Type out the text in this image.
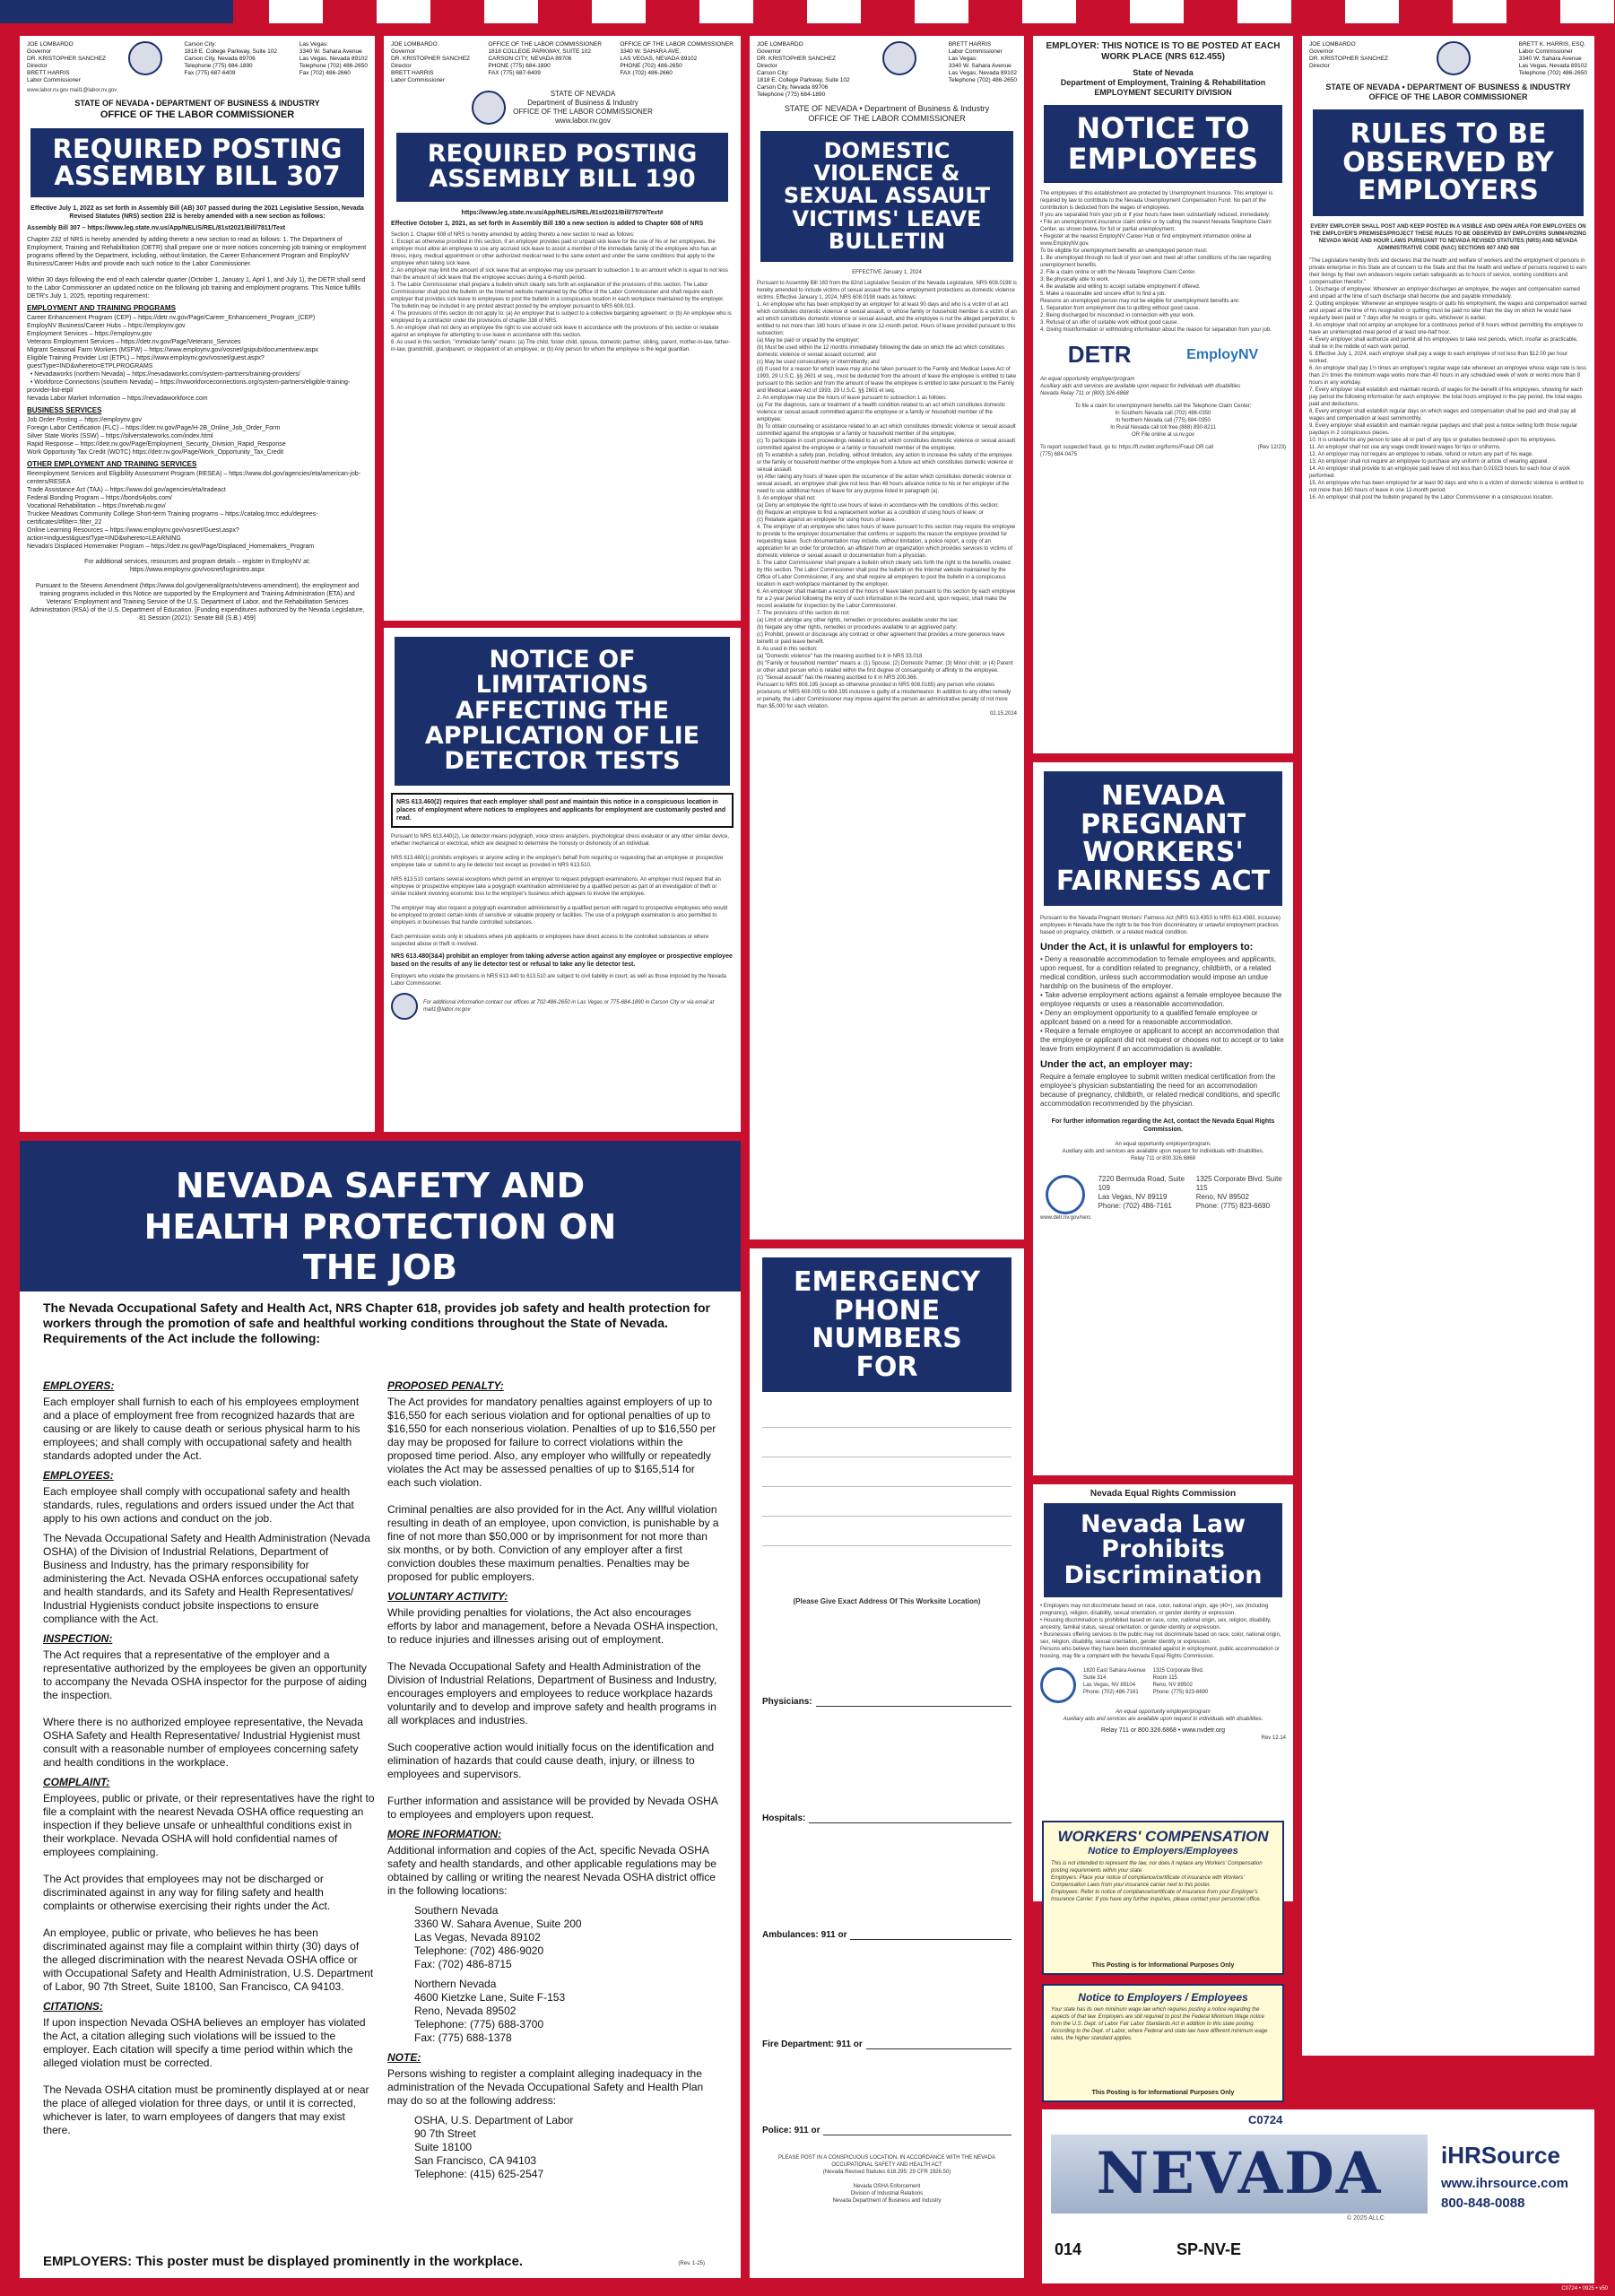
JOE LOMBARDO
Governor
DR. KRISTOPHER SANCHEZ
Director
BRETT HARRIS
Labor Commissioner
Carson City:
1818 E. College Parkway, Suite 102
Carson City, Nevada 89706
Telephone (775) 684-1890
Fax (775) 687-6409
Las Vegas:
3340 W. Sahara Avenue
Las Vegas, Nevada 89102
Telephone (702) 486-2650
Fax (702) 486-2660
www.labor.nv.gov mail1@labor.nv.gov
STATE OF NEVADA • DEPARTMENT OF BUSINESS & INDUSTRY
OFFICE OF THE LABOR COMMISSIONER
REQUIRED POSTING ASSEMBLY BILL 307
Effective July 1, 2022 as set forth in Assembly Bill (AB) 307 passed during the 2021 Legislative Session, Nevada Revised Statutes (NRS) section 232 is hereby amended with a new section as follows:
Assembly Bill 307 – https://www.leg.state.nv.us/App/NELIS/REL/81st2021/Bill/7811/Text
Chapter 232 of NRS is hereby amended by adding thereto a new section to read as follows: 1. The Department of Employment, Training and Rehabilitation (DETR) shall prepare one or more notices concerning job training or employment programs offered by the Department, including, without limitation, the Career Enhancement Program and EmployNV Business/Career Hubs and provide each such notice to the Labor Commissioner.

Within 30 days following the end of each calendar quarter (October 1, January 1, April 1, and July 1), the DETR shall send to the Labor Commissioner an updated notice on the following job training and employment programs. This Notice fulfills DETR's July 1, 2025, reporting requirement:
EMPLOYMENT AND TRAINING PROGRAMS
Career Enhancement Program (CEP) – https://detr.nv.gov/Page/Career_Enhancement_Program_(CEP)
EmployNV Business/Career Hubs – https://employnv.gov
Employment Services – https://employnv.gov
Veterans Employment Services – https://detr.nv.gov/Page/Veterans_Services
Migrant Seasonal Farm Workers (MSFW) – https://www.employnv.gov/vosnet/gsipub/documentview.aspx
Eligible Training Provider List (ETPL) – https://www.employnv.gov/vosnet/guest.aspx?guestType=IND&whereto=ETPLPROGRAMS
• Nevadaworks (northern Nevada) – https://nevadaworks.com/system-partners/training-providers/
• Workforce Connections (southern Nevada) – https://nvworkforceconnections.org/system-partners/eligible-training-provider-list-etpl/
Nevada Labor Market Information – https://nevadaworkforce.com
BUSINESS SERVICES
Job Order Posting – https://employnv.gov
Foreign Labor Certification (FLC) – https://detr.nv.gov/Page/H-2B_Online_Job_Order_Form
Silver State Works (SSW) – https://silverstateworks.com/index.html
Rapid Response – https://detr.nv.gov/Page/Employment_Security_Division_Rapid_Response
Work Opportunity Tax Credit (WOTC) https://detr.nv.gov/Page/Work_Opportunity_Tax_Credit
OTHER EMPLOYMENT AND TRAINING SERVICES
Reemployment Services and Eligibility Assessment Program (RESEA) – https://www.dol.gov/agencies/eta/american-job-centers/RESEA
Trade Assistance Act (TAA) – https://www.dol.gov/agencies/eta/tradeact
Federal Bonding Program – https://bonds4jobs.com/
Vocational Rehabilitation – https://nvrehab.nv.gov/
Truckee Meadows Community College Short-term Training programs – https://catalog.tmcc.edu/degrees-certificates/#filter=.filter_22
Online Learning Resources – https://www.employnv.gov/vosnet/Guest.aspx?action=indguest&guestType=IND&whereto=LEARNING
Nevada's Displaced Homemaker Program – https://detr.nv.gov/Page/Displaced_Homemakers_Program
For additional services, resources and program details – register in EmployNV at: https://www.employnv.gov/vosnet/loginintro.aspx

Pursuant to the Stevens Amendment (https://www.dol.gov/general/grants/stevens-amendment), the employment and training programs included in this Notice are supported by the Employment and Training Administration (ETA) and Veterans' Employment and Training Service of the U.S. Department of Labor, and the Rehabilitation Services Administration (RSA) of the U.S. Department of Education. [Funding expenditures authorized by the Nevada Legislature, 81 Session (2021): Senate Bill (S.B.) 459]
JOE LOMBARDO
Governor
DR. KRISTOPHER SANCHEZ
Director
BRETT HARRIS
Labor Commissioner
OFFICE OF THE LABOR COMMISSIONER
1818 COLLEGE PARKWAY, SUITE 102
CARSON CITY, NEVADA 89706
PHONE (775) 684-1890
FAX (775) 687-6409
OFFICE OF THE LABOR COMMISSIONER
3340 W. SAHARA AVE.
LAS VEGAS, NEVADA 89102
PHONE (702) 486-2650
FAX (702) 486-2660
STATE OF NEVADA
Department of Business & Industry
OFFICE OF THE LABOR COMMISSIONER
www.labor.nv.gov
REQUIRED POSTING ASSEMBLY BILL 190
https://www.leg.state.nv.us/App/NELIS/REL/81st2021/Bill/7579/Text#
Effective October 1, 2021, as set forth in Assembly Bill 190 a new section is added to Chapter 608 of NRS
Section 1. Chapter 608 of NRS is hereby amended by adding thereto a new section to read as follows:
1. Except as otherwise provided in this section, if an employer provides paid or unpaid sick leave for the use of his or her employees, the employer must allow an employee to use any accrued sick leave to assist a member of the immediate family of the employee who has an illness, injury, medical appointment or other authorized medical need to the same extent and under the same conditions that apply to the employee when taking sick leave.
2. An employer may limit the amount of sick leave that an employee may use pursuant to subsection 1 to an amount which is equal to not less than the amount of sick leave that the employee accrues during a 6-month period.
3. The Labor Commissioner shall prepare a bulletin which clearly sets forth an explanation of the provisions of this section. The Labor Commissioner shall post the bulletin on the Internet website maintained by the Office of the Labor Commissioner and shall require each employer that provides sick leave to employees to post the bulletin in a conspicuous location in each workplace maintained by the employer. The bulletin may be included in any printed abstract posted by the employer pursuant to NRS 608.013.
4. The provisions of this section do not apply to: (a) An employer that is subject to a collective bargaining agreement; or (b) An employee who is employed by a contractor under the provisions of chapter 338 of NRS.
5. An employer shall not deny an employee the right to use accrued sick leave in accordance with the provisions of this section or retaliate against an employee for attempting to use leave in accordance with this section.
6. As used in this section, "immediate family" means: (a) The child, foster child, spouse, domestic partner, sibling, parent, mother-in-law, father-in-law, grandchild, grandparent, or stepparent of an employee; or (b) Any person for whom the employee is the legal guardian.
NOTICE OF LIMITATIONS AFFECTING THE APPLICATION OF LIE DETECTOR TESTS
NRS 613.460(2) requires that each employer shall post and maintain this notice in a conspicuous location in places of employment where notices to employees and applicants for employment are customarily posted and read.
Pursuant to NRS 613.440(2), Lie detector means polygraph, voice stress analyzers, psychological stress evaluator or any other similar device, whether mechanical or electrical, which are designed to determine the honesty or dishonesty of an individual.

NRS 613.480(1) prohibits employers or anyone acting in the employer's behalf from requiring or requesting that an employee or prospective employee take or submit to any lie detector test except as provided in NRS 613.510.

NRS 613.510 contains several exceptions which permit an employer to request polygraph examinations. An employer must request that an employee or prospective employee take a polygraph examination administered by a qualified person as part of an investigation of theft or similar incident involving economic loss to the employer's business which appears to involve the employee.

The employer may also request a polygraph examination administered by a qualified person with regard to prospective employees who would be employed to protect certain kinds of sensitive or valuable property or facilities. The use of a polygraph examination is also permitted to employers in businesses that handle controlled substances.

Each permission exists only in situations where job applicants or employees have direct access to the controlled substances or where suspected abuse or theft is involved.
NRS 613.480(3&4) prohibit an employer from taking adverse action against any employee or prospective employee based on the results of any lie detector test or refusal to take any lie detector test.
Employers who violate the provisions in NRS 613.440 to 613.510 are subject to civil liability in court, as well as those imposed by the Nevada Labor Commissioner.
For additional information contact our offices at 702-486-2650 in Las Vegas or 775-684-1890 in Carson City or via email at mail1@labor.nv.gov
JOE LOMBARDO
Governor
DR. KRISTOPHER SANCHEZ
Director
Carson City:
1818 E. College Parkway, Suite 102
Carson City, Nevada 89706
Telephone (775) 684-1890
BRETT HARRIS
Labor Commissioner
Las Vegas:
3340 W. Sahara Avenue
Las Vegas, Nevada 89102
Telephone (702) 486-2650
STATE OF NEVADA • Department of Business & Industry
OFFICE OF THE LABOR COMMISSIONER
DOMESTIC VIOLENCE & SEXUAL ASSAULT VICTIMS' LEAVE BULLETIN
EFFECTIVE January 1, 2024
Pursuant to Assembly Bill 163 from the 82nd Legislative Session of the Nevada Legislature, NRS 608.0198 is hereby amended to include victims of sexual assault the same employment protections as domestic violence victims. Effective January 1, 2024, NRS 608.0198 reads as follows:
1. An employee who has been employed by an employer for at least 90 days and who is a victim of an act which constitutes domestic violence or sexual assault, or whose family or household member is a victim of an act which constitutes domestic violence or sexual assault, and the employee is not the alleged perpetrator, is entitled to not more than 160 hours of leave in one 12-month period. Hours of leave provided pursuant to this subsection:
(a) May be paid or unpaid by the employer;
(b) Must be used within the 12 months immediately following the date on which the act which constitutes domestic violence or sexual assault occurred; and
(c) May be used consecutively or intermittently; and
(d) If used for a reason for which leave may also be taken pursuant to the Family and Medical Leave Act of 1993, 29 U.S.C. §§ 2601 et seq., must be deducted from the amount of leave the employee is entitled to take pursuant to this section and from the amount of leave the employee is entitled to take pursuant to the Family and Medical Leave Act of 1993, 29 U.S.C. §§ 2601 et seq.
2. An employee may use the hours of leave pursuant to subsection 1 as follows:
(a) For the diagnosis, care or treatment of a health condition related to an act which constitutes domestic violence or sexual assault committed against the employee or a family or household member of the employee;
(b) To obtain counseling or assistance related to an act which constitutes domestic violence or sexual assault committed against the employee or a family or household member of the employee;
(c) To participate in court proceedings related to an act which constitutes domestic violence or sexual assault committed against the employee or a family or household member of the employee;
(d) To establish a safety plan, including, without limitation, any action to increase the safety of the employee or the family or household member of the employee from a future act which constitutes domestic violence or sexual assault.
(e) After taking any hours of leave upon the occurrence of the action which constitutes domestic violence or sexual assault, an employee shall give not less than 48 hours advance notice to his or her employer of the need to use additional hours of leave for any purpose listed in paragraph (a).
3. An employer shall not:
(a) Deny an employee the right to use hours of leave in accordance with the conditions of this section;
(b) Require an employee to find a replacement worker as a condition of using hours of leave; or
(c) Retaliate against an employee for using hours of leave.
4. The employer of an employee who takes hours of leave pursuant to this section may require the employee to provide to the employer documentation that confirms or supports the reason the employee provided for requesting leave. Such documentation may include, without limitation, a police report, a copy of an application for an order for protection, an affidavit from an organization which provides services to victims of domestic violence or sexual assault or documentation from a physician.
5. The Labor Commissioner shall prepare a bulletin which clearly sets forth the right to the benefits created by this section. The Labor Commissioner shall post the bulletin on the Internet website maintained by the Office of Labor Commissioner, if any, and shall require all employers to post the bulletin in a conspicuous location in each workplace maintained by the employer.
6. An employer shall maintain a record of the hours of leave taken pursuant to this section by each employee for a 2-year period following the entry of such information in the record and, upon request, shall make the record available for inspection by the Labor Commissioner.
7. The provisions of this section do not:
(a) Limit or abridge any other rights, remedies or procedures available under the law;
(b) Negate any other rights, remedies or procedures available to an aggrieved party;
(c) Prohibit, prevent or discourage any contract or other agreement that provides a more generous leave benefit or paid leave benefit.
8. As used in this section:
(a) "Domestic violence" has the meaning ascribed to it in NRS 33.018.
(b) "Family or household member" means a: (1) Spouse; (2) Domestic Partner; (3) Minor child; or (4) Parent or other adult person who is related within the first degree of consanguinity or affinity to the employee.
(c) "Sexual assault" has the meaning ascribed to it in NRS 200.366.
Pursuant to NRS 608.195 (except as otherwise provided in NRS 608.0165) any person who violates provisions of NRS 608.005 to 608.195 inclusive is guilty of a misdemeanor. In addition to any other remedy or penalty, the Labor Commissioner may impose against the person an administrative penalty of not more than $5,000 for each violation.
02.15.2024
EMPLOYER: THIS NOTICE IS TO BE POSTED AT EACH WORK PLACE (NRS 612.455)
State of Nevada
Department of Employment, Training & Rehabilitation
EMPLOYMENT SECURITY DIVISION
NOTICE TO EMPLOYEES
The employees of this establishment are protected by Unemployment Insurance. This employer is required by law to contribute to the Nevada Unemployment Compensation Fund. No part of the contribution is deducted from the wages of employees.
If you are separated from your job or if your hours have been substantially reduced, immediately:
• File an unemployment insurance claim online or by calling the nearest Nevada Telephone Claim Center, as shown below, for full or partial unemployment.
• Register at the nearest EmployNV Career Hub or find employment information online at www.EmployNV.gov.
To be eligible for unemployment benefits an unemployed person must:
1. Be unemployed through no fault of your own and meet all other conditions of the law regarding unemployment benefits.
2. File a claim online or with the Nevada Telephone Claim Center.
3. Be physically able to work.
4. Be available and willing to accept suitable employment if offered.
5. Make a reasonable and sincere effort to find a job.
Reasons an unemployed person may not be eligible for unemployment benefits are:
1. Separation from employment due to quitting without good cause.
2. Being discharged for misconduct in connection with your work.
3. Refusal of an offer of suitable work without good cause.
4. Giving misinformation or withholding information about the reason for separation from your job.
DETR	EmployNV
An equal opportunity employer/program
Auxiliary aids and services are available upon request for individuals with disabilities
Nevada Relay 711 or (800) 326-6868
To file a claim for unemployment benefits call the Telephone Claim Center:
In Southern Nevada call (702) 486-0350
In Northern Nevada call (775) 684-0350
In Rural Nevada call toll free (888) 890-8211
OR File online at ui.nv.gov
To report suspected fraud, go to: https://ft.nvdetr.org/forms/Fraud OR call (775) 684-0475
(Rev 12/23)
NEVADA PREGNANT WORKERS' FAIRNESS ACT
Pursuant to the Nevada Pregnant Workers' Fairness Act (NRS 613.4353 to NRS 613.4383, inclusive) employees in Nevada have the right to be free from discriminatory or unlawful employment practices based on pregnancy, childbirth, or a related medical condition.
Under the Act, it is unlawful for employers to:
• Deny a reasonable accommodation to female employees and applicants, upon request, for a condition related to pregnancy, childbirth, or a related medical condition, unless such accommodation would impose an undue hardship on the business of the employer.
• Take adverse employment actions against a female employee because the employee requests or uses a reasonable accommodation.
• Deny an employment opportunity to a qualified female employee or applicant based on a need for a reasonable accommodation.
• Require a female employee or applicant to accept an accommodation that the employee or applicant did not request or chooses not to accept or to take leave from employment if an accommodation is available.
Under the act, an employer may:
Require a female employee to submit written medical certification from the employee's physician substantiating the need for an accommodation because of pregnancy, childbirth, or related medical conditions, and specific accommodation recommended by the physician.
For further information regarding the Act, contact the Nevada Equal Rights Commission.
An equal opportunity employer/program.
Auxiliary aids and services are available upon request for individuals with disabilities.
Relay 711 or 800.326.6868
www.detr.nv.gov/nerc
7220 Bermuda Road, Suite 109
Las Vegas, NV 89119
Phone: (702) 486-7161
1325 Corporate Blvd. Suite 115
Reno, NV 89502
Phone: (775) 823-6690
JOE LOMBARDO
Governor
DR. KRISTOPHER SANCHEZ
Director
BRETT K. HARRIS, ESQ.
Labor Commissioner
3340 W. Sahara Avenue
Las Vegas, Nevada 89102
Telephone (702) 486-2650
STATE OF NEVADA • DEPARTMENT OF BUSINESS & INDUSTRY
OFFICE OF THE LABOR COMMISSIONER
RULES TO BE OBSERVED BY EMPLOYERS
EVERY EMPLOYER SHALL POST AND KEEP POSTED IN A VISIBLE AND OPEN AREA FOR EMPLOYEES ON THE EMPLOYER'S PREMISES/PROJECT THESE RULES TO BE OBSERVED BY EMPLOYERS SUMMARIZING NEVADA WAGE AND HOUR LAWS PURSUANT TO NEVADA REVISED STATUTES (NRS) AND NEVADA ADMINISTRATIVE CODE (NAC) SECTIONS 607 AND 608
"The Legislature hereby finds and declares that the health and welfare of workers and the employment of persons in private enterprise in this State are of concern to the State and that the health and welfare of persons required to earn their livings by their own endeavors require certain safeguards as to hours of service, working conditions and compensation therefor."
1. Discharge of employee: Whenever an employer discharges an employee, the wages and compensation earned and unpaid at the time of such discharge shall become due and payable immediately.
2. Quitting employee: Whenever an employee resigns or quits his employment, the wages and compensation earned and unpaid at the time of his resignation or quitting must be paid no later than the day on which he would have regularly been paid or 7 days after he resigns or quits, whichever is earlier.
3. An employer shall not employ an employee for a continuous period of 8 hours without permitting the employee to have an uninterrupted meal period of at least one-half hour.
4. Every employer shall authorize and permit all his employees to take rest periods, which, insofar as practicable, shall be in the middle of each work period.
5. Effective July 1, 2024, each employer shall pay a wage to each employee of not less than $12.00 per hour worked.
6. An employer shall pay 1½ times an employee's regular wage rate whenever an employee whose wage rate is less than 1½ times the minimum wage works more than 40 hours in any scheduled week of work or works more than 8 hours in any workday.
7. Every employer shall establish and maintain records of wages for the benefit of his employees, showing for each pay period the following information for each employee: the total hours employed in the pay period, the total wages paid and deductions.
8. Every employer shall establish regular days on which wages and compensation shall be paid and shall pay all wages and compensation at least semimonthly.
9. Every employer shall establish and maintain regular paydays and shall post a notice setting forth those regular paydays in 2 conspicuous places.
10. It is unlawful for any person to take all or part of any tips or gratuities bestowed upon his employees.
11. An employer shall not use any wage credit toward wages for tips or uniforms.
12. An employer may not require an employee to rebate, refund or return any part of his wage.
13. An employer shall not require an employee to purchase any uniform or article of wearing apparel.
14. An employer shall provide to an employee paid leave of not less than 0.01923 hours for each hour of work performed.
15. An employee who has been employed for at least 90 days and who is a victim of domestic violence is entitled to not more than 160 hours of leave in one 12-month period.
16. An employer shall post the bulletin prepared by the Labor Commissioner in a conspicuous location.
NEVADA SAFETY AND HEALTH PROTECTION ON THE JOB
The Nevada Occupational Safety and Health Act, NRS Chapter 618, provides job safety and health protection for workers through the promotion of safe and healthful working conditions throughout the State of Nevada. Requirements of the Act include the following:
EMPLOYERS:

Each employer shall furnish to each of his employees employment and a place of employment free from recognized hazards that are causing or are likely to cause death or serious physical harm to his employees; and shall comply with occupational safety and health standards adopted under the Act.

EMPLOYEES:

Each employee shall comply with occupational safety and health standards, rules, regulations and orders issued under the Act that apply to his own actions and conduct on the job.

The Nevada Occupational Safety and Health Administration (Nevada OSHA) of the Division of Industrial Relations, Department of Business and Industry, has the primary responsibility for administering the Act. Nevada OSHA enforces occupational safety and health standards, and its Safety and Health Representatives/ Industrial Hygienists conduct jobsite inspections to ensure compliance with the Act.

INSPECTION:

The Act requires that a representative of the employer and a representative authorized by the employees be given an opportunity to accompany the Nevada OSHA inspector for the purpose of aiding the inspection.

Where there is no authorized employee representative, the Nevada OSHA Safety and Health Representative/ Industrial Hygienist must consult with a reasonable number of employees concerning safety and health conditions in the workplace.

COMPLAINT:

Employees, public or private, or their representatives have the right to file a complaint with the nearest Nevada OSHA office requesting an inspection if they believe unsafe or unhealthful conditions exist in their workplace. Nevada OSHA will hold confidential names of employees complaining.

The Act provides that employees may not be discharged or discriminated against in any way for filing safety and health complaints or otherwise exercising their rights under the Act.

An employee, public or private, who believes he has been discriminated against may file a complaint within thirty (30) days of the alleged discrimination with the nearest Nevada OSHA office or with Occupational Safety and Health Administration, U.S. Department of Labor, 90 7th Street, Suite 18100, San Francisco, CA 94103.

CITATIONS:

If upon inspection Nevada OSHA believes an employer has violated the Act, a citation alleging such violations will be issued to the employer. Each citation will specify a time period within which the alleged violation must be corrected.

The Nevada OSHA citation must be prominently displayed at or near the place of alleged violation for three days, or until it is corrected, whichever is later, to warn employees of dangers that may exist there.

PROPOSED PENALTY:

The Act provides for mandatory penalties against employers of up to $16,550 for each serious violation and for optional penalties of up to $16,550 for each nonserious violation. Penalties of up to $16,550 per day may be proposed for failure to correct violations within the proposed time period. Also, any employer who willfully or repeatedly violates the Act may be assessed penalties of up to $165,514 for each such violation.

Criminal penalties are also provided for in the Act. Any willful violation resulting in death of an employee, upon conviction, is punishable by a fine of not more than $50,000 or by imprisonment for not more than six months, or by both. Conviction of any employer after a first conviction doubles these maximum penalties. Penalties may be proposed for public employers.

VOLUNTARY ACTIVITY:

While providing penalties for violations, the Act also encourages efforts by labor and management, before a Nevada OSHA inspection, to reduce injuries and illnesses arising out of employment.

The Nevada Occupational Safety and Health Administration of the Division of Industrial Relations, Department of Business and Industry, encourages employers and employees to reduce workplace hazards voluntarily and to develop and improve safety and health programs in all workplaces and industries.

Such cooperative action would initially focus on the identification and elimination of hazards that could cause death, injury, or illness to employees and supervisors.

Further information and assistance will be provided by Nevada OSHA to employees and employers upon request.

MORE INFORMATION:

Additional information and copies of the Act, specific Nevada OSHA safety and health standards, and other applicable regulations may be obtained by calling or writing the nearest Nevada OSHA district office in the following locations:

Southern Nevada
3360 W. Sahara Avenue, Suite 200
Las Vegas, Nevada 89102
Telephone: (702) 486-9020
Fax: (702) 486-8715

Northern Nevada
4600 Kietzke Lane, Suite F-153
Reno, Nevada 89502
Telephone: (775) 688-3700
Fax: (775) 688-1378

NOTE:

Persons wishing to register a complaint alleging inadequacy in the administration of the Nevada Occupational Safety and Health Plan may do so at the following address:

OSHA, U.S. Department of Labor
90 7th Street
Suite 18100
San Francisco, CA 94103
Telephone: (415) 625-2547

EMPLOYERS: This poster must be displayed prominently in the workplace.	(Rev. 1-25)
EMERGENCY PHONE NUMBERS FOR
(Please Give Exact Address Of This Worksite Location)
Physicians:
Hospitals:
Ambulances: 911 or
Fire Department: 911 or
Police: 911 or
PLEASE POST IN A CONSPICUOUS LOCATION, IN ACCORDANCE WITH THE NEVADA OCCUPATIONAL SAFETY AND HEALTH ACT
(Nevada Revised Statutes 618.295; 29 CFR 1926.50)

Nevada OSHA Enforcement
Division of Industrial Relations
Nevada Department of Business and Industry
Nevada Equal Rights Commission
Nevada Law Prohibits Discrimination
• Employers may not discriminate based on race, color, national origin, age (40+), sex (including pregnancy), religion, disability, sexual orientation, or gender identity or expression.
• Housing discrimination is prohibited based on race, color, national origin, sex, religion, disability, ancestry, familial status, sexual orientation, or gender identity or expression.
• Businesses offering services to the public may not discriminate based on race, color, national origin, sex, religion, disability, sexual orientation, gender identity or expression.
Persons who believe they have been discriminated against in employment, public accommodation or housing, may file a complaint with the Nevada Equal Rights Commission.
1820 East Sahara Avenue
Suite 314
Las Vegas, NV 89104
Phone: (702) 486-7161
1325 Corporate Blvd.
Room 115
Reno, NV 89502
Phone: (775) 823-6690
An equal opportunity employer/program
Auxiliary aids and services are available upon request to individuals with disabilities.
Relay 711 or 800.326.6868 • www.nvdetr.org
Rev 12.14
WORKERS' COMPENSATION
Notice to Employers/Employees
This is not intended to represent the law, nor does it replace any Workers' Compensation posting requirements within your state.
Employers: Place your notice of compliance/certificate of insurance with Workers' Compensation Laws from your insurance carrier next to this poster.
Employees: Refer to notice of compliance/certificate of insurance from your Employer's Insurance Carrier. If you have any further inquiries, please contact your personnel office.
This Posting is for Informational Purposes Only
Notice to Employers / Employees
Your state has its own minimum wage law which requires posting a notice regarding the aspects of that law. Employers are still required to post the Federal Minimum Wage notice from the U.S. Dept. of Labor Fair Labor Standards Act in addition to this state posting. According to the Dept. of Labor, where Federal and state law have different minimum wage rates, the higher standard applies.
This Posting is for Informational Purposes Only
WWW.LABOR.NV.GOV
C0724
NEVADA
© 2025 ALLC
iHRSource
www.ihrsource.com
800-848-0088
014	SP-NV-E
C0724 • 0925 • v50
